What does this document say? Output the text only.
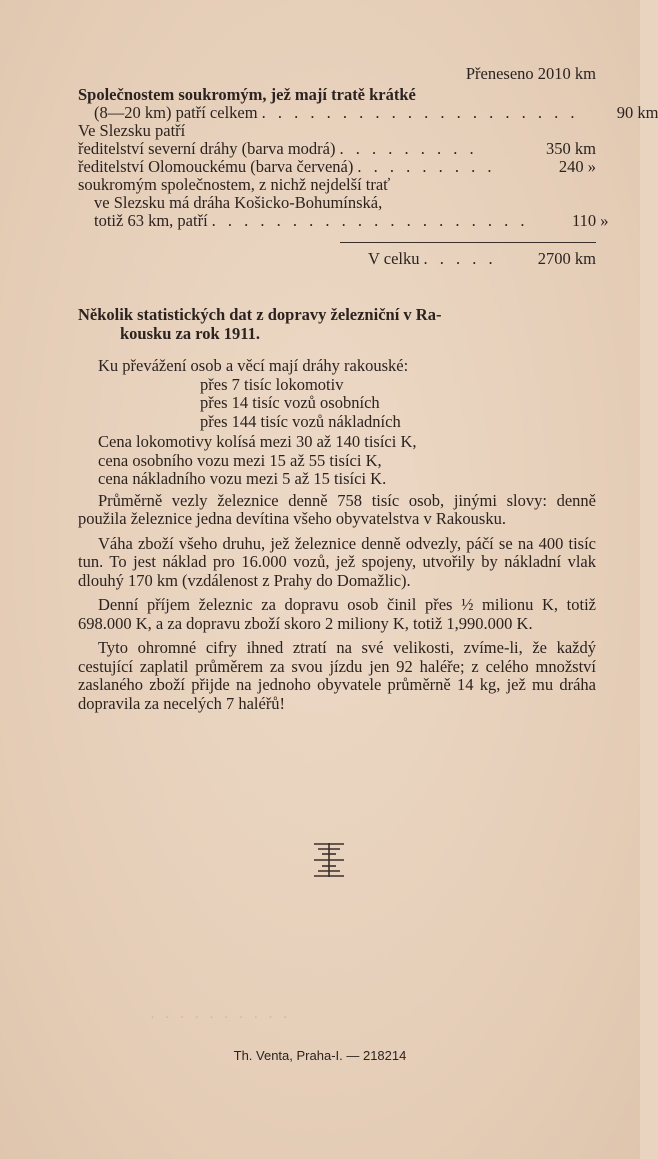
Přeneseno 2010 km
Společnostem soukromým, jež mají tratě krátké
(8—20 km) patří celkem . . . . . . . . . . . . . . . . . . . .	90 km
Ve Slezsku patří
ředitelství severní dráhy (barva modrá) . . . . . . . . .	350 km
ředitelství Olomouckému (barva červená) . . . . . . . . .	240 »
soukromým společnostem, z nichž nejdelší trať
ve Slezsku má dráha Košicko-Bohumínská,
totiž 63 km, patří . . . . . . . . . . . . . . . . . . . .	110 »
V celku . . . . .	2700 km
Několik statistických dat z dopravy železniční v Ra-
kousku za rok 1911.
Ku převážení osob a věcí mají dráhy rakouské:
přes 7 tisíc lokomotiv
přes 14 tisíc vozů osobních
přes 144 tisíc vozů nákladních
Cena lokomotivy kolísá mezi 30 až 140 tisíci K,
cena osobního vozu mezi 15 až 55 tisíci K,
cena nákladního vozu mezi 5 až 15 tisíci K.

Průměrně vezly železnice denně 758 tisíc osob, jinými slovy: denně použila železnice jedna devítina všeho obyvatelstva v Rakousku.

Váha zboží všeho druhu, jež železnice denně odvezly, páčí se na 400 tisíc tun. To jest náklad pro 16.000 vozů, jež spojeny, utvořily by nákladní vlak dlouhý 170 km (vzdálenost z Prahy do Domažlic).

Denní příjem železnic za dopravu osob činil přes ½ milionu K, totiž 698.000 K, a za dopravu zboží skoro 2 miliony K, totiž 1,990.000 K.

Tyto ohromné cifry ihned ztratí na své velikosti, zvíme-li, že každý cestující zaplatil průměrem za svou jízdu jen 92 haléře; z celého množství zaslaného zboží přijde na jednoho obyvatele průměrně 14 kg, jež mu dráha dopravila za necelých 7 haléřů!

· · · · · · · · · ·
Th. Venta, Praha-I. — 218214
